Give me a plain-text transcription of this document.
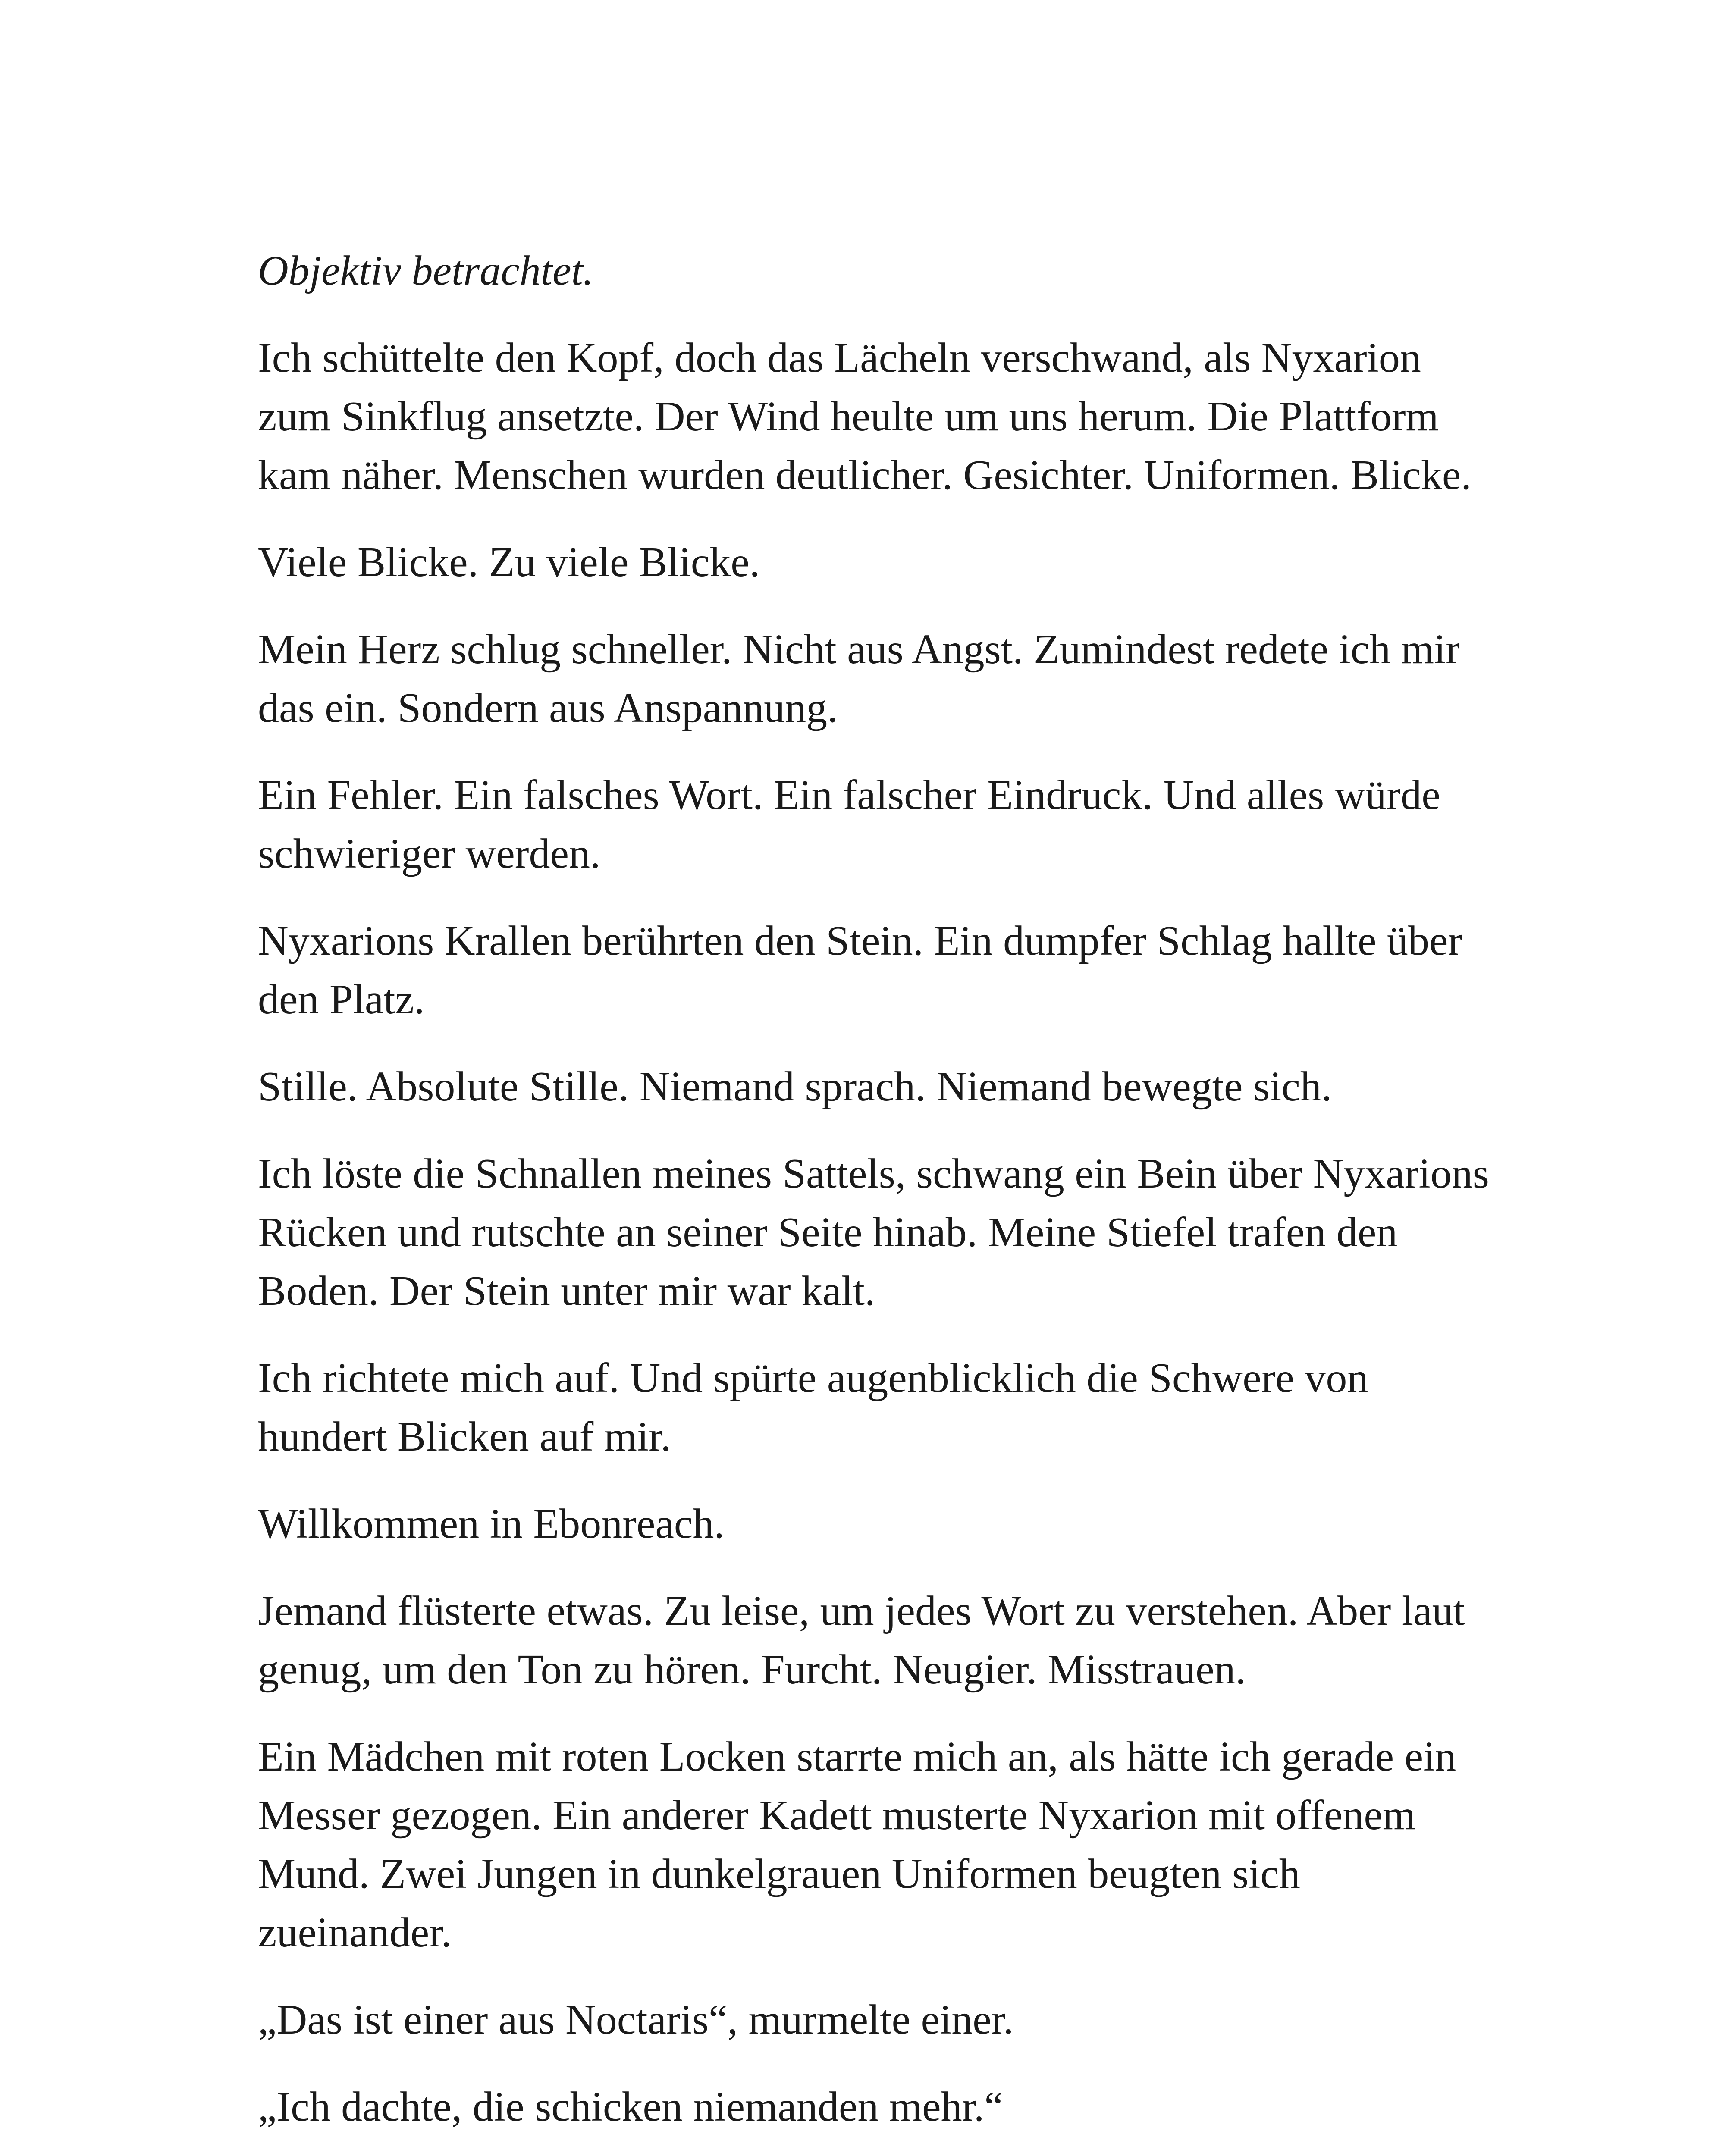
Objektiv betrachtet.

Ich schüttelte den Kopf, doch das Lächeln verschwand, als Nyxarion zum Sinkflug ansetzte. Der Wind heulte um uns herum. Die Plattform kam näher. Menschen wurden deutlicher. Gesichter. Uniformen. Blicke.

Viele Blicke. Zu viele Blicke.

Mein Herz schlug schneller. Nicht aus Angst. Zumindest redete ich mir das ein. Sondern aus Anspannung.

Ein Fehler. Ein falsches Wort. Ein falscher Eindruck. Und alles würde schwieriger werden.

Nyxarions Krallen berührten den Stein. Ein dumpfer Schlag hallte über den Platz.

Stille. Absolute Stille. Niemand sprach. Niemand bewegte sich.

Ich löste die Schnallen meines Sattels, schwang ein Bein über Nyxarions Rücken und rutschte an seiner Seite hinab. Meine Stiefel trafen den Boden. Der Stein unter mir war kalt.

Ich richtete mich auf. Und spürte augenblicklich die Schwere von hundert Blicken auf mir.

Willkommen in Ebonreach.

Jemand flüsterte etwas. Zu leise, um jedes Wort zu verstehen. Aber laut genug, um den Ton zu hören. Furcht. Neugier. Misstrauen.

Ein Mädchen mit roten Locken starrte mich an, als hätte ich gerade ein Messer gezogen. Ein anderer Kadett musterte Nyxarion mit offenem Mund. Zwei Jungen in dunkelgrauen Uniformen beugten sich zueinander.

„Das ist einer aus Noctaris“, murmelte einer.

„Ich dachte, die schicken niemanden mehr.“
